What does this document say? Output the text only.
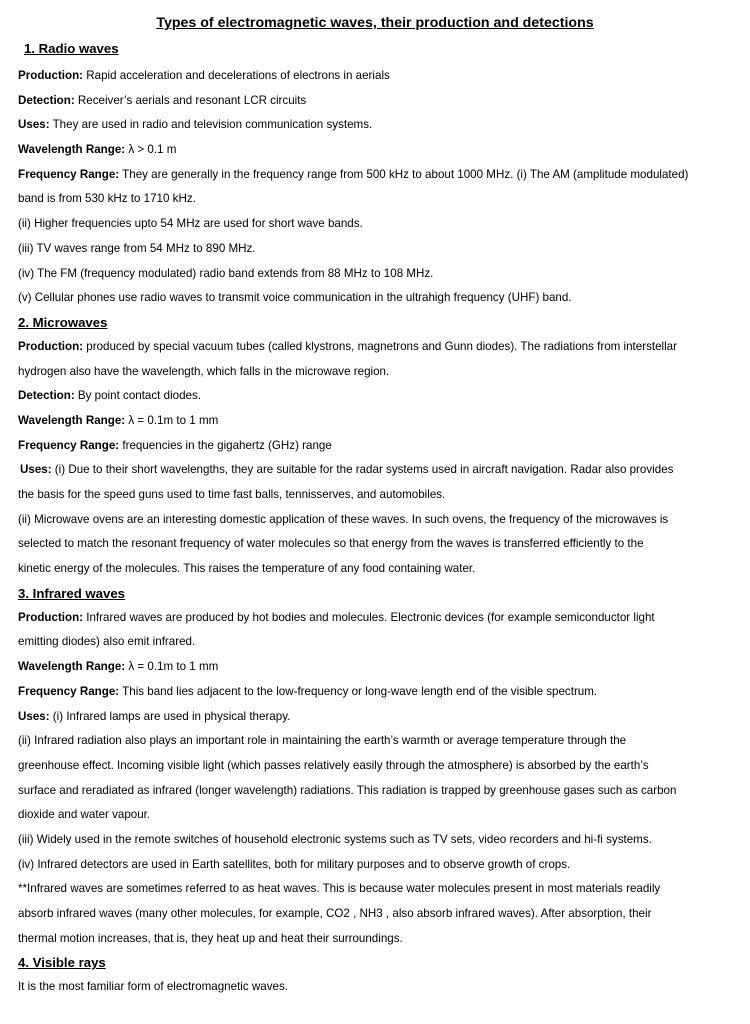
Types of electromagnetic waves, their production and detections
1. Radio waves
Production: Rapid acceleration and decelerations of electrons in aerials
Detection: Receiver’s aerials and resonant LCR circuits
Uses: They are used in radio and television communication systems.
Wavelength Range: λ > 0.1 m
Frequency Range: They are generally in the frequency range from 500 kHz to about 1000 MHz. (i) The AM (amplitude modulated)
band is from 530 kHz to 1710 kHz.
(ii) Higher frequencies upto 54 MHz are used for short wave bands.
(iii) TV waves range from 54 MHz to 890 MHz.
(iv) The FM (frequency modulated) radio band extends from 88 MHz to 108 MHz.
(v) Cellular phones use radio waves to transmit voice communication in the ultrahigh frequency (UHF) band.
2. Microwaves
Production: produced by special vacuum tubes (called klystrons, magnetrons and Gunn diodes). The radiations from interstellar
hydrogen also have the wavelength, which falls in the microwave region.
Detection: By point contact diodes.
Wavelength Range: λ = 0.1m to 1 mm
Frequency Range: frequencies in the gigahertz (GHz) range
Uses: (i) Due to their short wavelengths, they are suitable for the radar systems used in aircraft navigation. Radar also provides
the basis for the speed guns used to time fast balls, tennisserves, and automobiles.
(ii) Microwave ovens are an interesting domestic application of these waves. In such ovens, the frequency of the microwaves is
selected to match the resonant frequency of water molecules so that energy from the waves is transferred efficiently to the
kinetic energy of the molecules. This raises the temperature of any food containing water.
3. Infrared waves
Production: Infrared waves are produced by hot bodies and molecules. Electronic devices (for example semiconductor light
emitting diodes) also emit infrared.
Wavelength Range: λ = 0.1m to 1 mm
Frequency Range: This band lies adjacent to the low-frequency or long-wave length end of the visible spectrum.
Uses: (i) Infrared lamps are used in physical therapy.
(ii) Infrared radiation also plays an important role in maintaining the earth’s warmth or average temperature through the
greenhouse effect. Incoming visible light (which passes relatively easily through the atmosphere) is absorbed by the earth’s
surface and reradiated as infrared (longer wavelength) radiations. This radiation is trapped by greenhouse gases such as carbon
dioxide and water vapour.
(iii) Widely used in the remote switches of household electronic systems such as TV sets, video recorders and hi-fi systems.
(iv) Infrared detectors are used in Earth satellites, both for military purposes and to observe growth of crops.
**Infrared waves are sometimes referred to as heat waves. This is because water molecules present in most materials readily
absorb infrared waves (many other molecules, for example, CO2 , NH3 , also absorb infrared waves). After absorption, their
thermal motion increases, that is, they heat up and heat their surroundings.
4. Visible rays
It is the most familiar form of electromagnetic waves.
